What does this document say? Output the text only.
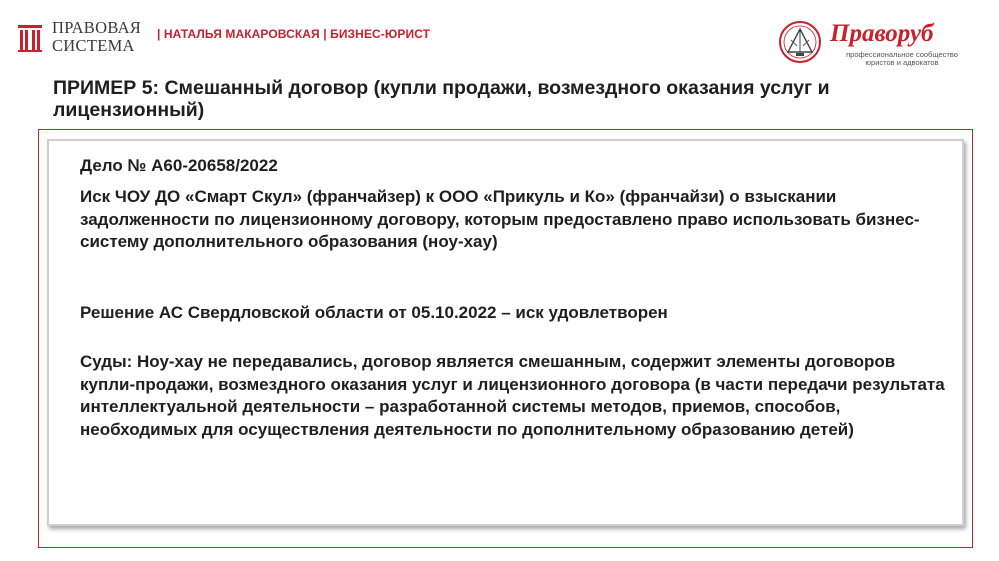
ПРАВОВАЯ
СИСТЕМА
| НАТАЛЬЯ МАКАРОВСКАЯ | БИЗНЕС-ЮРИСТ	Праворуб
профессиональное сообщество юристов и адвокатов
ПРИМЕР 5: Смешанный договор (купли продажи, возмездного оказания услуг и лицензионный)
Дело № А60-20658/2022
Иск ЧОУ ДО «Смарт Скул» (франчайзер) к ООО «Прикуль и Ко» (франчайзи) о взыскании задолженности по лицензионному договору, которым предоставлено право использовать бизнес-систему дополнительного образования (ноу-хау)
Решение АС Свердловской области от 05.10.2022 – иск удовлетворен
Суды: Ноу-хау не передавались, договор является смешанным, содержит элементы договоров купли-продажи, возмездного оказания услуг и лицензионного договора (в части передачи результата интеллектуальной деятельности – разработанной системы методов, приемов, способов, необходимых для осуществления деятельности по дополнительному образованию детей)
